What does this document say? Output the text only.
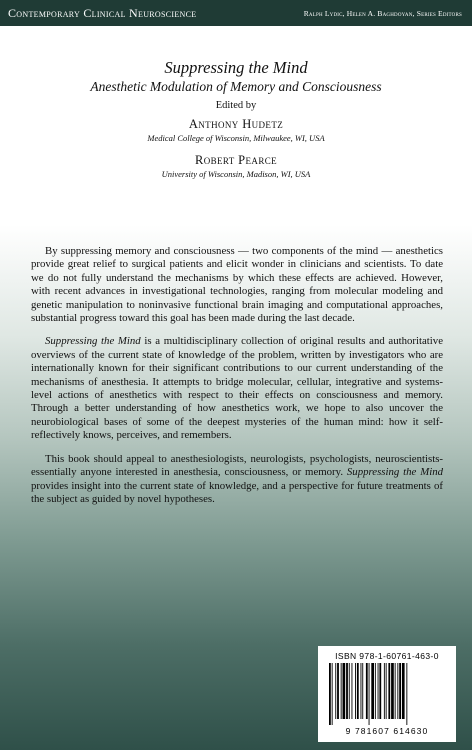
Contemporary Clinical Neuroscience	Ralph Lydic, Helen A. Baghdoyan, Series Editors
Suppressing the Mind
Anesthetic Modulation of Memory and Consciousness
Edited by
Anthony Hudetz
Medical College of Wisconsin, Milwaukee, WI, USA
Robert Pearce
University of Wisconsin, Madison, WI, USA

By suppressing memory and consciousness — two components of the mind — anesthetics provide great relief to surgical patients and elicit wonder in clinicians and scientists. To date we do not fully understand the mechanisms by which these effects are achieved. However, with recent advances in investigational technologies, ranging from molecular modeling and genetic manipulation to noninvasive functional brain imaging and computational approaches, substantial progress toward this goal has been made during the last decade.

Suppressing the Mind is a multidisciplinary collection of original results and authoritative overviews of the current state of knowledge of the problem, written by investigators who are internationally known for their significant contributions to our current understanding of the mechanisms of anesthesia. It attempts to bridge molecular, cellular, integrative and systems-level actions of anesthetics with respect to their effects on consciousness and memory. Through a better understanding of how anesthetics work, we hope to also uncover the neurobiological bases of some of the deepest mysteries of the human mind: how it self-reflectively knows, perceives, and remembers.

This book should appeal to anesthesiologists, neurologists, psychologists, neuroscientists- essentially anyone interested in anesthesia, consciousness, or memory. Suppressing the Mind provides insight into the current state of knowledge, and a perspective for future treatments of the subject as guided by novel hypotheses.

ISBN 978-1-60761-463-0
9 781607 614630
